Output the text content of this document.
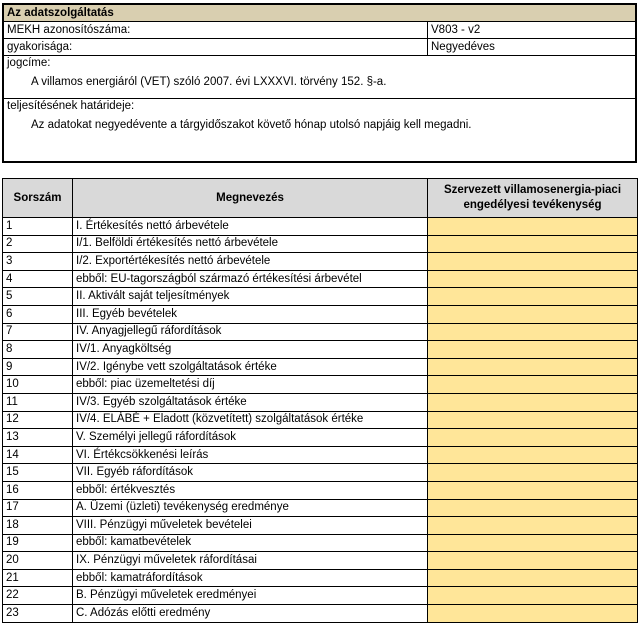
Az adatszolgáltatás
MEKH azonosítószáma:	V803 - v2
gyakorisága:	Negyedéves
jogcíme:
A villamos energiáról (VET) szóló 2007. évi LXXXVI. törvény 152. §-a.
teljesítésének határideje:
Az adatokat negyedévente a tárgyidőszakot követő hónap utolsó napjáig kell megadni.
Sorszám	Megnevezés	Szervezett villamosenergia-piaci engedélyesi tevékenység
1	I. Értékesítés nettó árbevétele	
2	I/1. Belföldi értékesítés nettó árbevétele	
3	I/2. Exportértékesítés nettó árbevétele	
4	ebből: EU-tagországból származó értékesítési árbevétel	
5	II. Aktivált saját teljesítmények	
6	III. Egyéb bevételek	
7	IV. Anyagjellegű ráfordítások	
8	IV/1. Anyagköltség	
9	IV/2. Igénybe vett szolgáltatások értéke	
10	ebből: piac üzemeltetési díj	
11	IV/3. Egyéb szolgáltatások értéke	
12	IV/4. ELÁBÉ + Eladott (közvetített) szolgáltatások értéke	
13	V. Személyi jellegű ráfordítások	
14	VI. Értékcsökkenési leírás	
15	VII. Egyéb ráfordítások	
16	ebből: értékvesztés	
17	A. Üzemi (üzleti) tevékenység eredménye	
18	VIII. Pénzügyi műveletek bevételei	
19	ebből: kamatbevételek	
20	IX. Pénzügyi műveletek ráfordításai	
21	ebből: kamatráfordítások	
22	B. Pénzügyi műveletek eredményei	
23	C. Adózás előtti eredmény	
